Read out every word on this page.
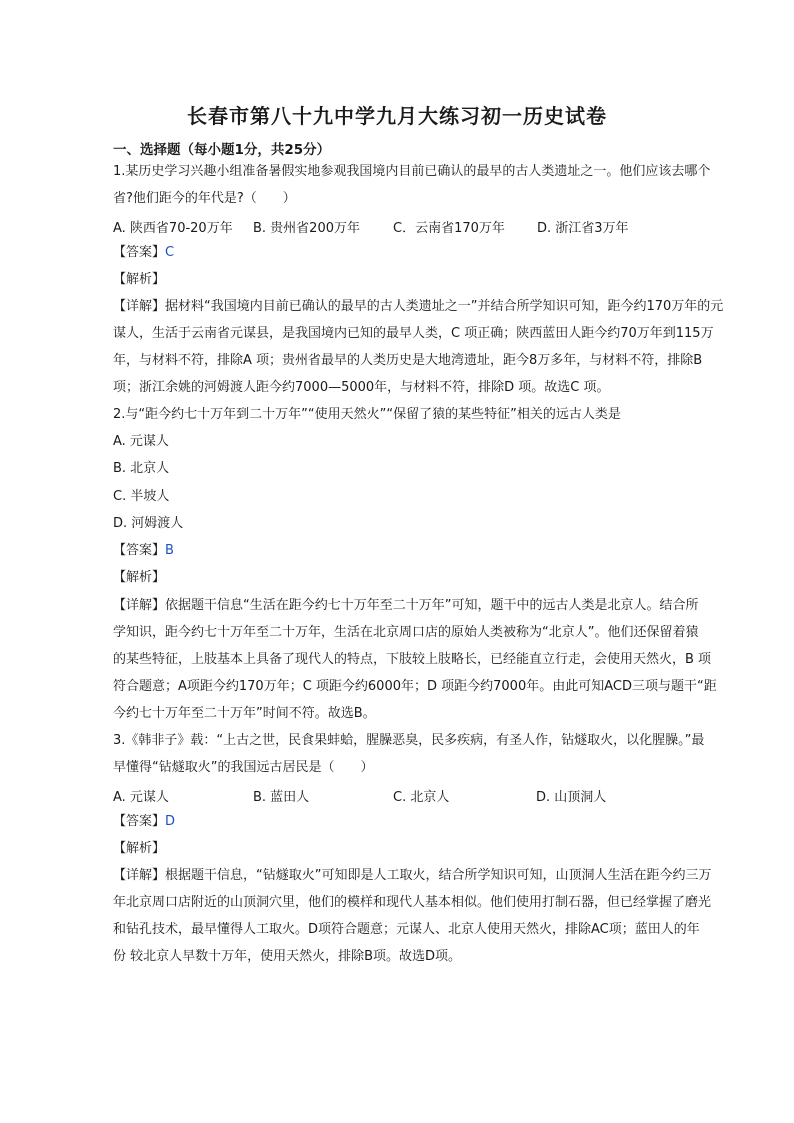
长春市第八十九中学九月大练习初一历史试卷
一、选择题（每小题1分，共25分）
1.某历史学习兴趣小组准备暑假实地参观我国境内目前已确认的最早的古人类遗址之一。他们应该去哪个
省?他们距今的年代是?（　　）
A. 陕西省70-20万年 B. 贵州省200万年	C．云南省170万年 D. 浙江省3万年
【答案】C
【解析】
【详解】据材料“我国境内目前已确认的最早的古人类遗址之一”并结合所学知识可知，距今约170万年的元
谋人，生活于云南省元谋县，是我国境内已知的最早人类，C 项正确；陕西蓝田人距今约70万年到115万
年，与材料不符，排除A 项；贵州省最早的人类历史是大地湾遗址，距今8万多年，与材料不符，排除B
项；浙江余姚的河姆渡人距今约7000—5000年，与材料不符，排除D 项。故选C 项。
2.与“距今约七十万年到二十万年”“使用天然火”“保留了猿的某些特征”相关的远古人类是
A. 元谋人
B. 北京人
C. 半坡人
D. 河姆渡人
【答案】B
【解析】
【详解】依据题干信息“生活在距今约七十万年至二十万年”可知，题干中的远古人类是北京人。结合所
学知识，距今约七十万年至二十万年，生活在北京周口店的原始人类被称为“北京人”。他们还保留着猿
的某些特征，上肢基本上具备了现代人的特点，下肢较上肢略长，已经能直立行走，会使用天然火，B 项
符合题意；A项距今约170万年；C 项距今约6000年；D 项距今约7000年。由此可知ACD三项与题干“距
今约七十万年至二十万年”时间不符。故选B。
3.《韩非子》载：“上古之世，民食果蚌蛤，腥臊恶臭，民多疾病，有圣人作，钻燧取火，以化腥臊。”最
早懂得“钻燧取火”的我国远古居民是（　　）
A. 元谋人	B. 蓝田人	C. 北京人	D. 山顶洞人
【答案】D
【解析】
【详解】根据题干信息，“钻燧取火”可知即是人工取火，结合所学知识可知，山顶洞人生活在距今约三万
年北京周口店附近的山顶洞穴里，他们的模样和现代人基本相似。他们使用打制石器，但已经掌握了磨光
和钻孔技术，最早懂得人工取火。D项符合题意；元谋人、北京人使用天然火，排除AC项；蓝田人的年
份 较北京人早数十万年，使用天然火，排除B项。故选D项。
